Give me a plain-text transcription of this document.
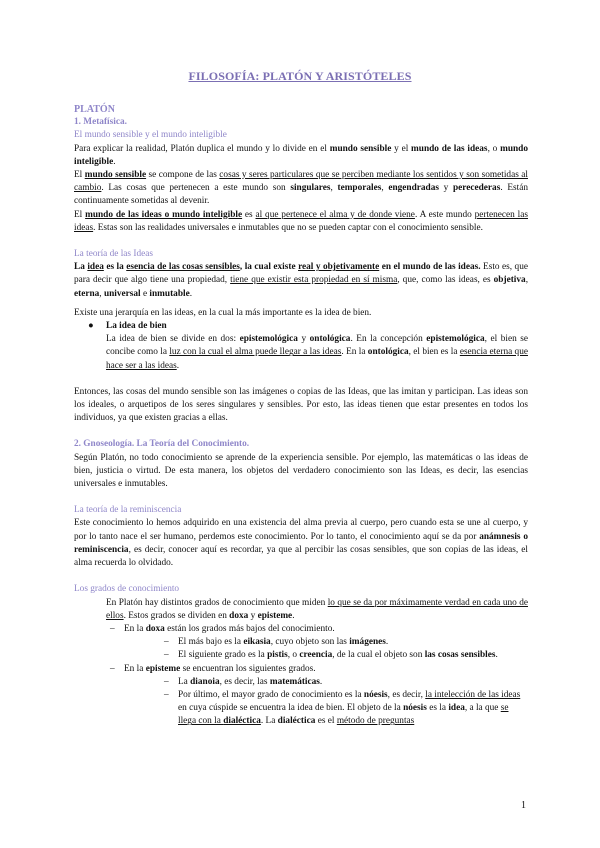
FILOSOFÍA: PLATÓN Y ARISTÓTELES
PLATÓN
1. Metafísica.
El mundo sensible y el mundo inteligible

Para explicar la realidad, Platón duplica el mundo y lo divide en el mundo sensible y el mundo de las ideas, o mundo inteligible.

El mundo sensible se compone de las cosas y seres particulares que se perciben mediante los sentidos y son sometidas al cambio. Las cosas que pertenecen a este mundo son singulares, temporales, engendradas y perecederas. Están continuamente sometidas al devenir.

El mundo de las ideas o mundo inteligible es al que pertenece el alma y de donde viene. A este mundo pertenecen las ideas. Estas son las realidades universales e inmutables que no se pueden captar con el conocimiento sensible.

La teoría de las Ideas

La idea es la esencia de las cosas sensibles, la cual existe real y objetivamente en el mundo de las ideas. Esto es, que para decir que algo tiene una propiedad, tiene que existir esta propiedad en sí misma, que, como las ideas, es objetiva, eterna, universal e inmutable.

Existe una jerarquía en las ideas, en la cual la más importante es la idea de bien.

● La idea de bien

La idea de bien se divide en dos: epistemológica y ontológica. En la concepción epistemológica, el bien se concibe como la luz con la cual el alma puede llegar a las ideas. En la ontológica, el bien es la esencia eterna que hace ser a las ideas.

Entonces, las cosas del mundo sensible son las imágenes o copias de las Ideas, que las imitan y participan. Las ideas son los ideales, o arquetipos de los seres singulares y sensibles. Por esto, las ideas tienen que estar presentes en todos los individuos, ya que existen gracias a ellas.

2. Gnoseología. La Teoría del Conocimiento.

Según Platón, no todo conocimiento se aprende de la experiencia sensible. Por ejemplo, las matemáticas o las ideas de bien, justicia o virtud. De esta manera, los objetos del verdadero conocimiento son las Ideas, es decir, las esencias universales e inmutables.

La teoría de la reminiscencia

Este conocimiento lo hemos adquirido en una existencia del alma previa al cuerpo, pero cuando esta se une al cuerpo, y por lo tanto nace el ser humano, perdemos este conocimiento. Por lo tanto, el conocimiento aquí se da por anámnesis o reminiscencia, es decir, conocer aquí es recordar, ya que al percibir las cosas sensibles, que son copias de las ideas, el alma recuerda lo olvidado.

Los grados de conocimiento

En Platón hay distintos grados de conocimiento que miden lo que se da por máximamente verdad en cada uno de ellos. Estos grados se dividen en doxa y episteme.

– En la doxa están los grados más bajos del conocimiento.
– El más bajo es la eikasia, cuyo objeto son las imágenes.
– El siguiente grado es la pistis, o creencia, de la cual el objeto son las cosas sensibles.
– En la episteme se encuentran los siguientes grados.
– La dianoia, es decir, las matemáticas.
– Por último, el mayor grado de conocimiento es la nóesis, es decir, la intelección de las ideas en cuya cúspide se encuentra la idea de bien. El objeto de la nóesis es la idea, a la que se llega con la dialéctica. La dialéctica es el método de preguntas

1
